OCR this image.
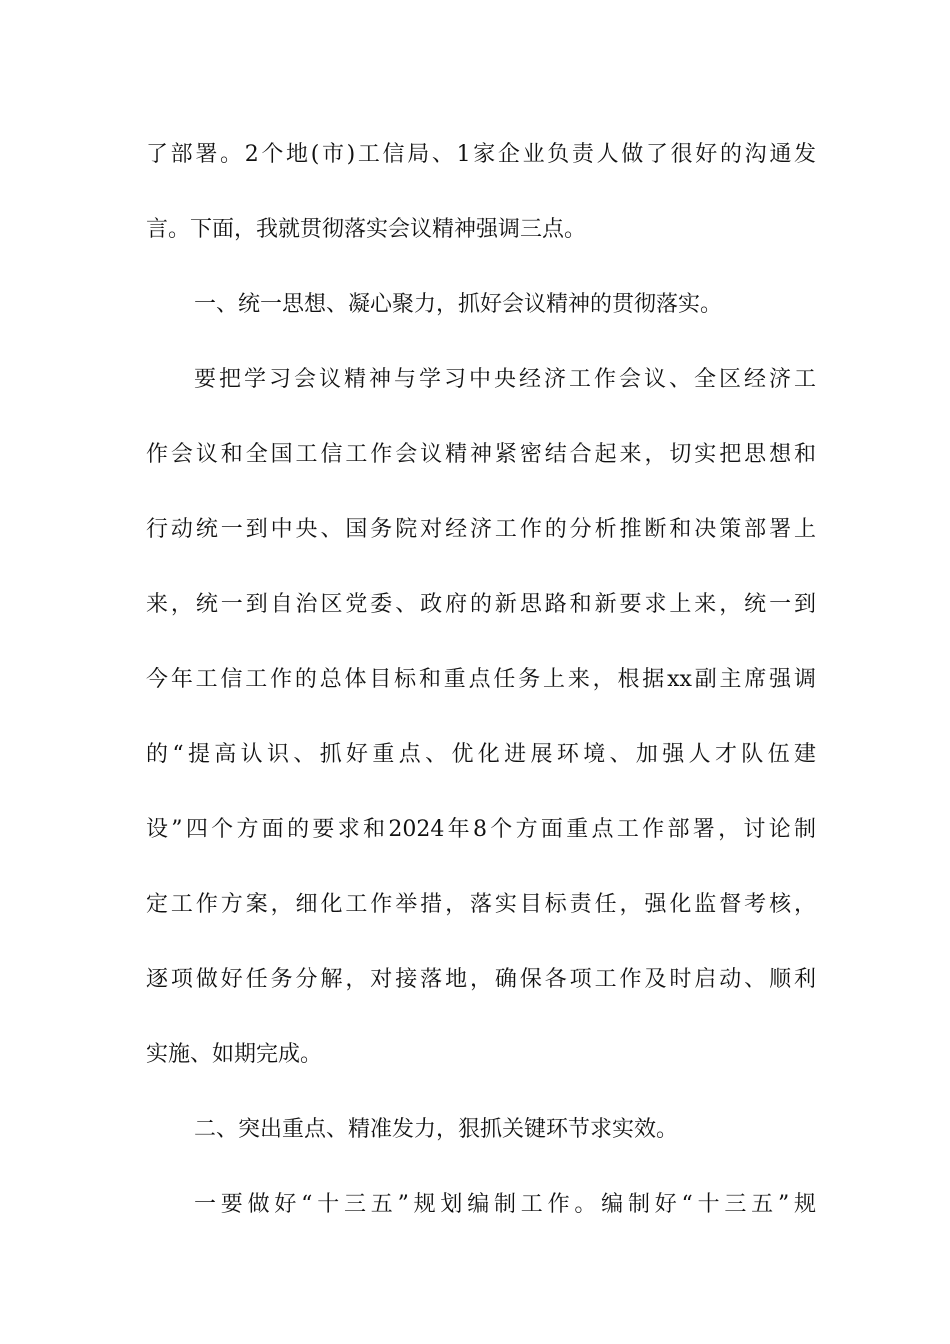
了部署。2个地(市)工信局、1家企业负责人做了很好的沟通发
言。下面，我就贯彻落实会议精神强调三点。
一、统一思想、凝心聚力，抓好会议精神的贯彻落实。
要把学习会议精神与学习中央经济工作会议、全区经济工
作会议和全国工信工作会议精神紧密结合起来，切实把思想和
行动统一到中央、国务院对经济工作的分析推断和决策部署上
来，统一到自治区党委、政府的新思路和新要求上来，统一到
今年工信工作的总体目标和重点任务上来，根据xx副主席强调
的“提高认识、抓好重点、优化进展环境、加强人才队伍建
设”四个方面的要求和2024年8个方面重点工作部署，讨论制
定工作方案，细化工作举措，落实目标责任，强化监督考核，
逐项做好任务分解，对接落地，确保各项工作及时启动、顺利
实施、如期完成。
二、突出重点、精准发力，狠抓关键环节求实效。
一要做好“十三五”规划编制工作。编制好“十三五”规
